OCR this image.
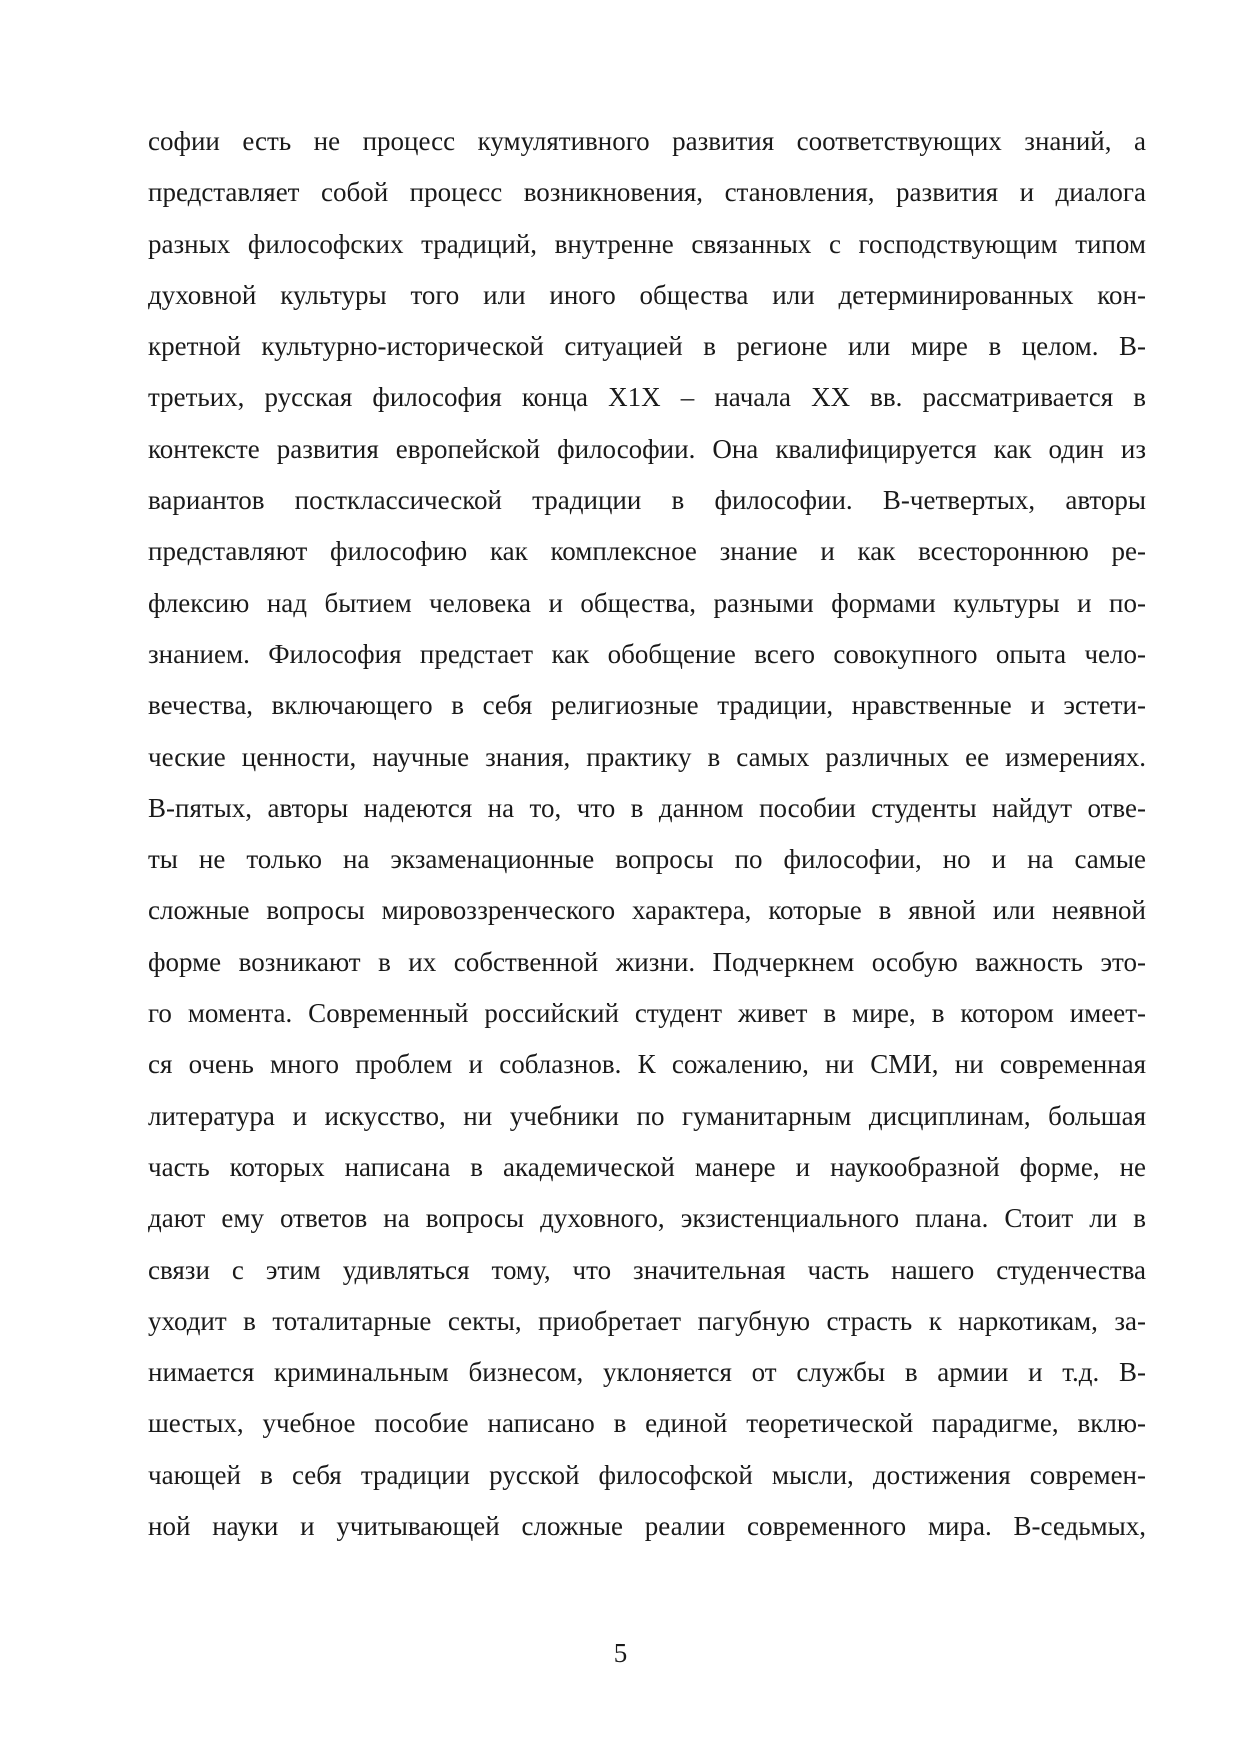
софии есть не процесс кумулятивного развития соответствующих знаний, а
представляет собой процесс возникновения, становления, развития и диалога
разных философских традиций, внутренне связанных с господствующим типом
духовной культуры того или иного общества или детерминированных кон-
кретной культурно-исторической ситуацией в регионе или мире в целом. В-
третьих, русская философия конца Х1Х – начала ХХ вв. рассматривается в
контексте развития европейской философии. Она квалифицируется как один из
вариантов постклассической традиции в философии. В-четвертых, авторы
представляют философию как комплексное знание и как всестороннюю ре-
флексию над бытием человека и общества, разными формами культуры и по-
знанием. Философия предстает как обобщение всего совокупного опыта чело-
вечества, включающего в себя религиозные традиции, нравственные и эстети-
ческие ценности, научные знания, практику в самых различных ее измерениях.
В-пятых, авторы надеются на то, что в данном пособии студенты найдут отве-
ты не только на экзаменационные вопросы по философии, но и на самые
сложные вопросы мировоззренческого характера, которые в явной или неявной
форме возникают в их собственной жизни. Подчеркнем особую важность это-
го момента. Современный российский студент живет в мире, в котором имеет-
ся очень много проблем и соблазнов. К сожалению, ни СМИ, ни современная
литература и искусство, ни учебники по гуманитарным дисциплинам, большая
часть которых написана в академической манере и наукообразной форме, не
дают ему ответов на вопросы духовного, экзистенциального плана. Стоит ли в
связи с этим удивляться тому, что значительная часть нашего студенчества
уходит в тоталитарные секты, приобретает пагубную страсть к наркотикам, за-
нимается криминальным бизнесом, уклоняется от службы в армии и т.д. В-
шестых, учебное пособие написано в единой теоретической парадигме, вклю-
чающей в себя традиции русской философской мысли, достижения современ-
ной науки и учитывающей сложные реалии современного мира. В-седьмых,
5
